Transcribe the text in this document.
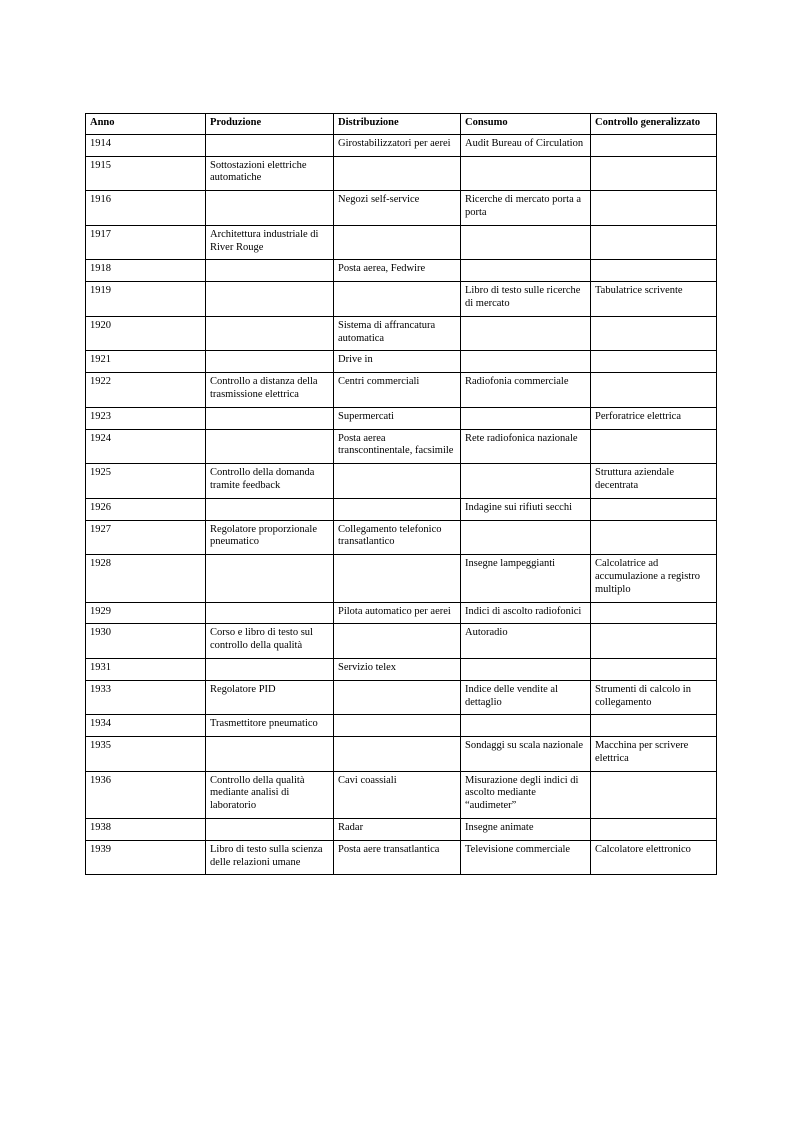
Anno	Produzione	Distribuzione	Consumo	Controllo generalizzato
1914		Girostabilizzatori per aerei	Audit Bureau of Circulation	
1915	Sottostazioni elettriche automatiche			
1916		Negozi self-service	Ricerche di mercato porta a porta	
1917	Architettura industriale di River Rouge			
1918		Posta aerea, Fedwire		
1919			Libro di testo sulle ricerche di mercato	Tabulatrice scrivente
1920		Sistema di affrancatura automatica		
1921		Drive in		
1922	Controllo a distanza della trasmissione elettrica	Centri commerciali	Radiofonia commerciale	
1923		Supermercati		Perforatrice elettrica
1924		Posta aerea transcontinentale, facsimile	Rete radiofonica nazionale	
1925	Controllo della domanda tramite feedback			Struttura aziendale decentrata
1926			Indagine sui rifiuti secchi	
1927	Regolatore proporzionale pneumatico	Collegamento telefonico transatlantico		
1928			Insegne lampeggianti	Calcolatrice ad accumulazione a registro multiplo
1929		Pilota automatico per aerei	Indici di ascolto radiofonici	
1930	Corso e libro di testo sul controllo della qualità		Autoradio	
1931		Servizio telex		
1933	Regolatore PID		Indice delle vendite al dettaglio	Strumenti di calcolo in collegamento
1934	Trasmettitore pneumatico			
1935			Sondaggi su scala nazionale	Macchina per scrivere elettrica
1936	Controllo della qualità mediante analisi di laboratorio	Cavi coassiali	Misurazione degli indici di ascolto mediante “audimeter”	
1938		Radar	Insegne animate	
1939	Libro di testo sulla scienza delle relazioni umane	Posta aere transatlantica	Televisione commerciale	Calcolatore elettronico
